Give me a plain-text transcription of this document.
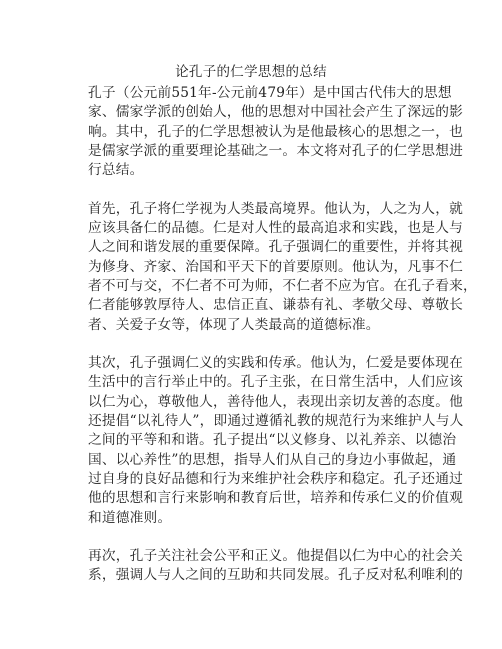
论孔子的仁学思想的总结
孔子（公元前551年-公元前479年）是中国古代伟大的思想
家、儒家学派的创始人，他的思想对中国社会产生了深远的影
响。其中，孔子的仁学思想被认为是他最核心的思想之一，也
是儒家学派的重要理论基础之一。本文将对孔子的仁学思想进
行总结。
首先，孔子将仁学视为人类最高境界。他认为，人之为人，就
应该具备仁的品德。仁是对人性的最高追求和实践，也是人与
人之间和谐发展的重要保障。孔子强调仁的重要性，并将其视
为修身、齐家、治国和平天下的首要原则。他认为，凡事不仁
者不可与交，不仁者不可为师，不仁者不应为官。在孔子看来，
仁者能够敦厚待人、忠信正直、谦恭有礼、孝敬父母、尊敬长
者、关爱子女等，体现了人类最高的道德标准。
其次，孔子强调仁义的实践和传承。他认为，仁爱是要体现在
生活中的言行举止中的。孔子主张，在日常生活中，人们应该
以仁为心，尊敬他人，善待他人，表现出亲切友善的态度。他
还提倡“以礼待人”，即通过遵循礼教的规范行为来维护人与人
之间的平等和和谐。孔子提出“以义修身、以礼养亲、以德治
国、以心养性”的思想，指导人们从自己的身边小事做起，通
过自身的良好品德和行为来维护社会秩序和稳定。孔子还通过
他的思想和言行来影响和教育后世，培养和传承仁义的价值观
和道德准则。
再次，孔子关注社会公平和正义。他提倡以仁为中心的社会关
系，强调人与人之间的互助和共同发展。孔子反对私利唯利的
